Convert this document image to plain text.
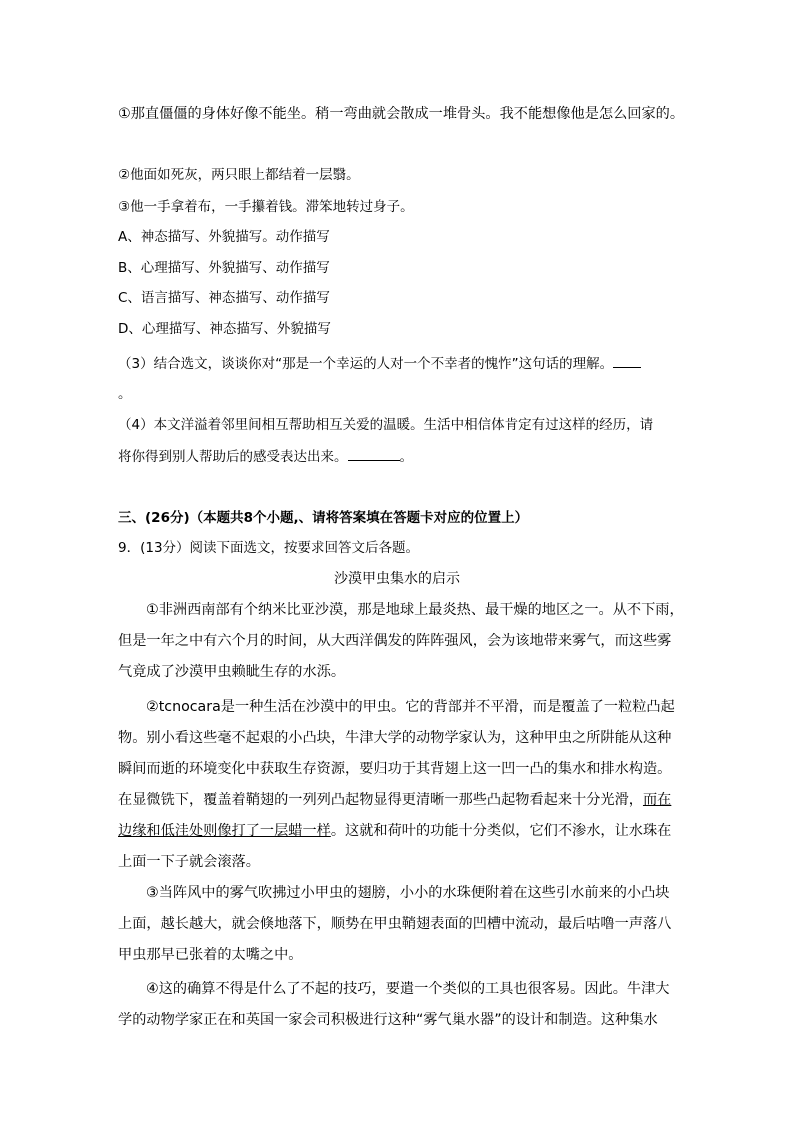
①那直僵僵的身体好像不能坐。稍一弯曲就会散成一堆骨头。我不能想像他是怎么回家的。
②他面如死灰，两只眼上都结着一层翳。
③他一手拿着布，一手攥着钱。滞笨地转过身子。
A、神态描写、外貌描写。动作描写
B、心理描写、外貌描写、动作描写
C、语言描写、神态描写、动作描写
D、心理描写、神态描写、外貌描写
（3）结合选文，谈谈你对“那是一个幸运的人对一个不幸者的愧怍”这句话的理解。
。
（4）本文洋溢着邻里间相互帮助相互关爱的温暖。生活中相信体肯定有过这样的经历，请
将你得到别人帮助后的感受表达出来。	。
三、(26分)（本题共8个小题,、请将答案填在答题卡对应的位置上）
9．(13分）阅读下面选文，按要求回答文后各题。
沙漠甲虫集水的启示
①非洲西南部有个纳米比亚沙漠，那是地球上最炎热、最干燥的地区之一。从不下雨，
但是一年之中有六个月的时间，从大西洋偶发的阵阵强风，会为该地带来雾气，而这些雾
气竟成了沙漠甲虫赖眦生存的水泺。
②tcnocara是一种生活在沙漠中的甲虫。它的背部并不平滑，而是覆盖了一粒粒凸起
物。别小看这些毫不起艰的小凸块，牛津大学的动物学家认为，这种甲虫之所阱能从这种
瞬间而逝的环境变化中获取生存资源，要归功于其背翅上这一凹一凸的集水和排水构造。
在显微铣下，覆盖着鞘翅的一列列凸起物显得更清晰一那些凸起物看起来十分光滑，而在
边缘和低洼处则像打了一层蜡一样。这就和荷叶的功能十分类似，它们不渗水，让水珠在
上面一下子就会滚落。
③当阵风中的雾气吹拂过小甲虫的翅膀，小小的水珠便附着在这些引水前来的小凸块
上面，越长越大，就会倏地落下，顺势在甲虫鞘翅表面的凹槽中流动，最后咕噜一声落八
甲虫那早已张着的太嘴之中。
④这的确算不得是什么了不起的技巧，要遣一个类似的工具也很客易。因此。牛津大
学的动物学家正在和英国一家会司积极进行这种“雾气巢水器”的设计和制造。这种集水
